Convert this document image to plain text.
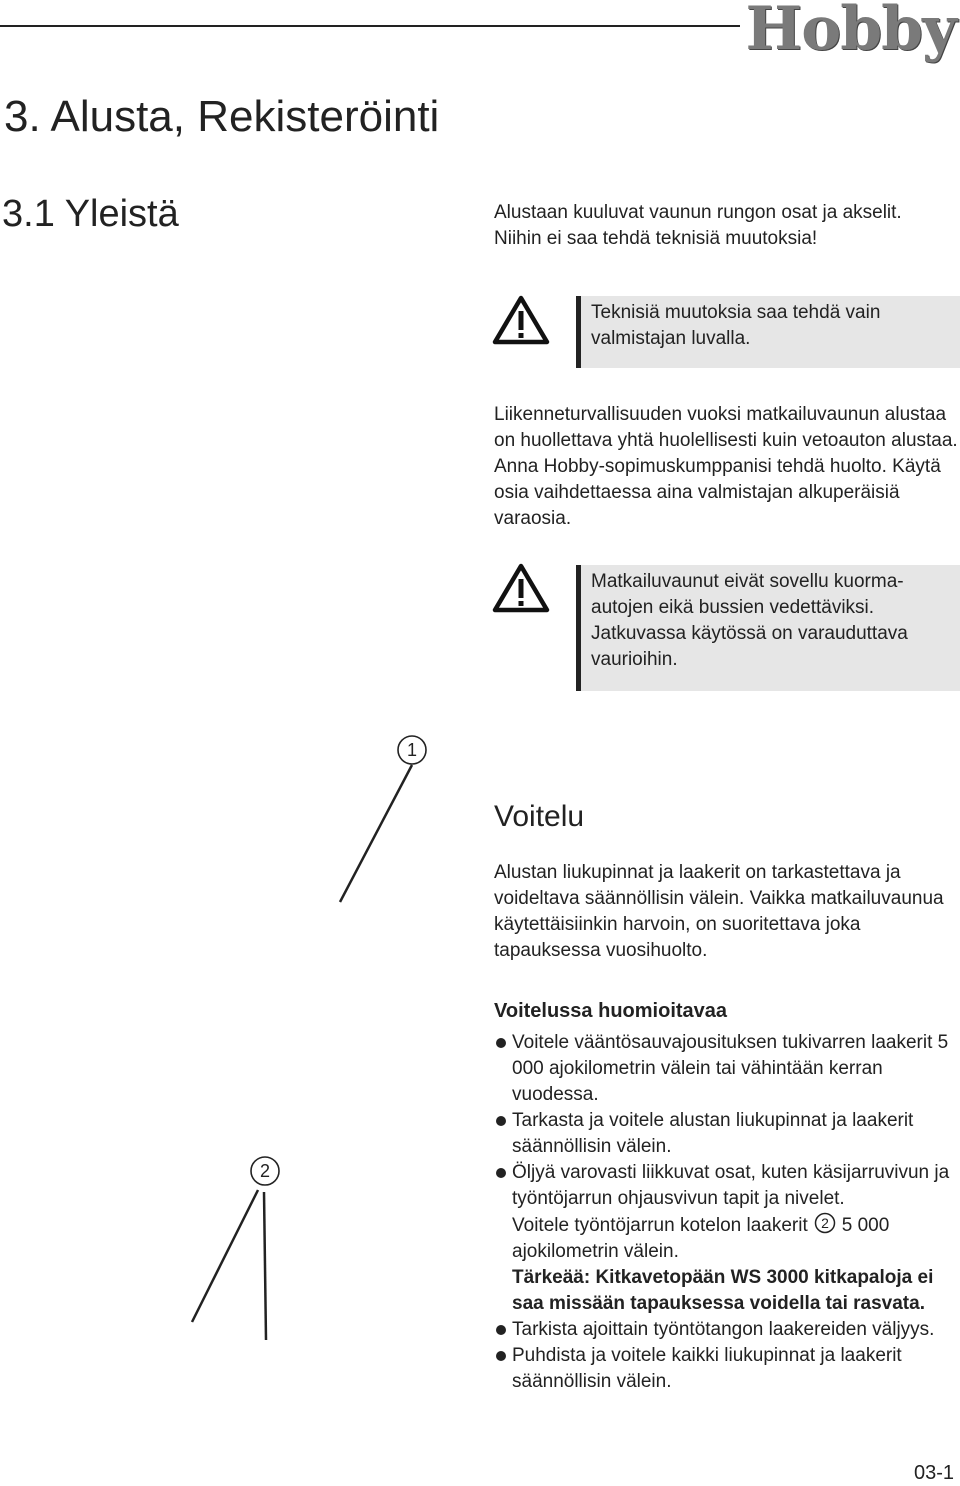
Hobby
3. Alusta, Rekisteröinti
3.1 Yleistä	Alustaan kuuluvat vaunun rungon osat ja akselit. Niihin ei saa tehdä teknisiä muutoksia!
Teknisiä muutoksia saa tehdä vain valmistajan luvalla.
Liikenneturvallisuuden vuoksi matkailuvaunun alustaa on huollettava yhtä huolellisesti kuin vetoauton alustaa. Anna Hobby-sopimuskumppanisi tehdä huolto. Käytä osia vaihdettaessa aina valmistajan alkuperäisiä varaosia.
Matkailuvaunut eivät sovellu kuorma-autojen eikä bussien vedettäviksi. Jatkuvassa käytössä on varauduttava vaurioihin.
1
2
Voitelu
Alustan liukupinnat ja laakerit on tarkastettava ja voideltava säännöllisin välein. Vaikka matkailuvaunua käytettäisiinkin harvoin, on suoritettava joka tapauksessa vuosihuolto.
Voitelussa huomioitavaa
Voitele vääntösauvajousituksen tukivarren laakerit 5 000 ajokilometrin välein tai vähintään kerran vuodessa.
Tarkasta ja voitele alustan liukupinnat ja laakerit säännöllisin välein.
Öljyä varovasti liikkuvat osat, kuten käsijarruvivun ja työntöjarrun ohjausvivun tapit ja nivelet.
Voitele työntöjarrun kotelon laakerit 2 5 000 ajokilometrin välein.
Tärkeää: Kitkavetopään WS 3000 kitkapaloja ei saa missään tapauksessa voidella tai rasvata.
Tarkista ajoittain työntötangon laakereiden väljyys.
Puhdista ja voitele kaikki liukupinnat ja laakerit säännöllisin välein.
03-1
